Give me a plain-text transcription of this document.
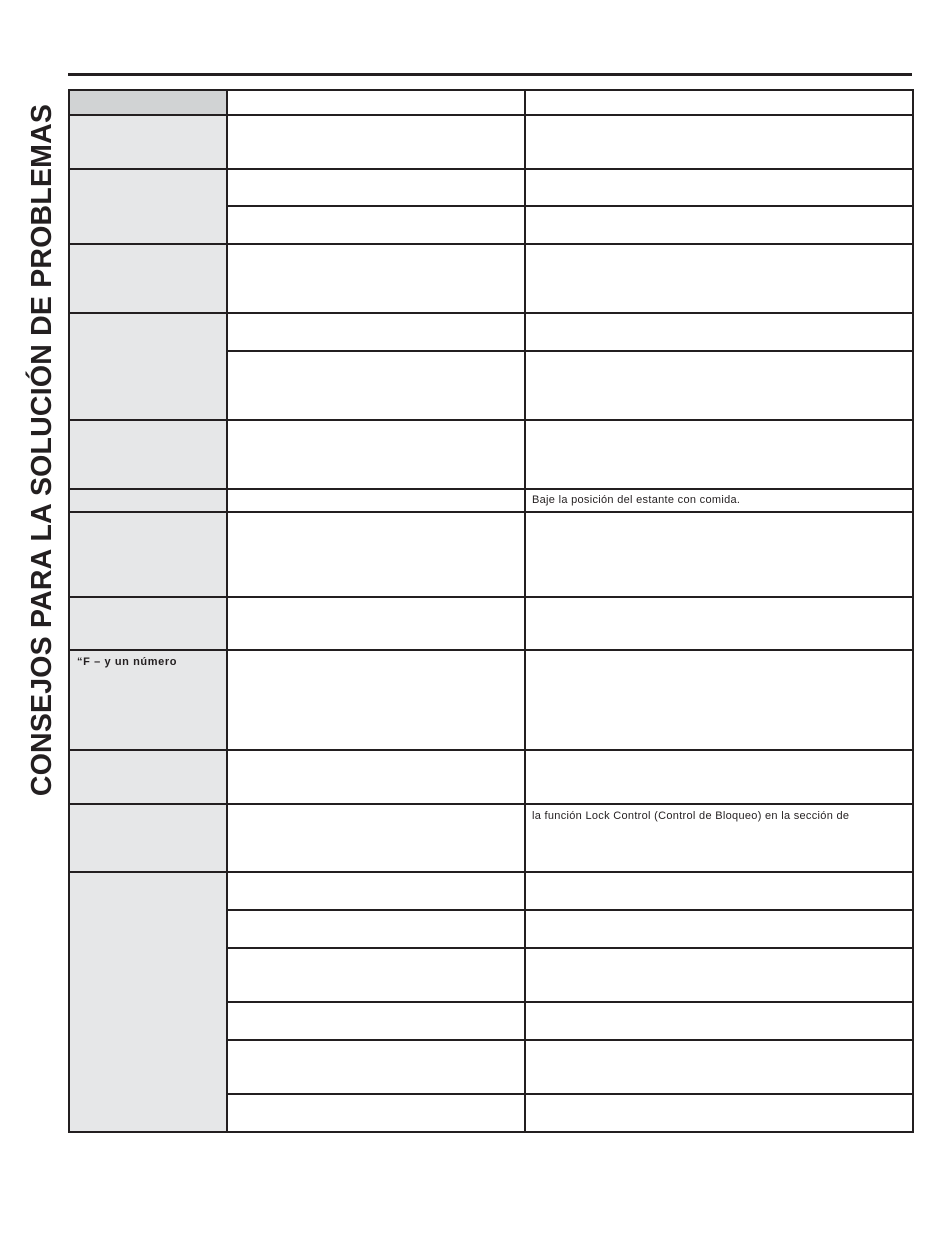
CONSEJOS PARA LA SOLUCIÓN DE PROBLEMAS

		Baje la posición del estante con comida.

“F – y un número		

		la función Lock Control (Control de Bloqueo) en la sección de
